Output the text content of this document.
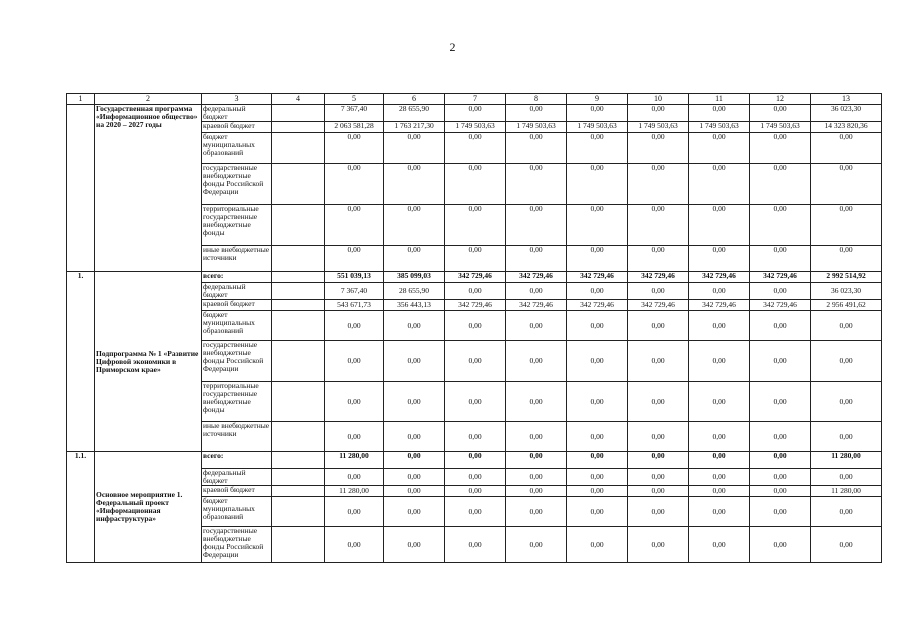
2
1	2	3	4	5	6	7	8	9	10	11	12	13
	Государственная программа «Информационное общество» на 2020 – 2027 годы	федеральный бюджет		7 367,40	28 655,90	0,00	0,00	0,00	0,00	0,00	0,00	36 023,30
		краевой бюджет		2 063 581,28	1 763 217,30	1 749 503,63	1 749 503,63	1 749 503,63	1 749 503,63	1 749 503,63	1 749 503,63	14 323 820,36
		бюджет муниципальных образований		0,00	0,00	0,00	0,00	0,00	0,00	0,00	0,00	0,00
		государственные внебюджетные фонды Российской Федерации		0,00	0,00	0,00	0,00	0,00	0,00	0,00	0,00	0,00
		территориальные государственные внебюджетные фонды		0,00	0,00	0,00	0,00	0,00	0,00	0,00	0,00	0,00
		иные внебюджетные источники		0,00	0,00	0,00	0,00	0,00	0,00	0,00	0,00	0,00
1.	Подпрограмма № 1 «Развитие Цифровой экономики в Приморском крае»	всего:		551 039,13	385 099,03	342 729,46	342 729,46	342 729,46	342 729,46	342 729,46	342 729,46	2 992 514,92
		федеральный бюджет		7 367,40	28 655,90	0,00	0,00	0,00	0,00	0,00	0,00	36 023,30
		краевой бюджет		543 671,73	356 443,13	342 729,46	342 729,46	342 729,46	342 729,46	342 729,46	342 729,46	2 956 491,62
		бюджет муниципальных образований		0,00	0,00	0,00	0,00	0,00	0,00	0,00	0,00	0,00
		государственные внебюджетные фонды Российской Федерации		0,00	0,00	0,00	0,00	0,00	0,00	0,00	0,00	0,00
		территориальные государственные внебюджетные фонды		0,00	0,00	0,00	0,00	0,00	0,00	0,00	0,00	0,00
		иные внебюджетные источники		0,00	0,00	0,00	0,00	0,00	0,00	0,00	0,00	0,00
1.1.	Основное мероприятие 1. Федеральный проект «Информационная инфраструктура»	всего:		11 280,00	0,00	0,00	0,00	0,00	0,00	0,00	0,00	11 280,00
		федеральный бюджет		0,00	0,00	0,00	0,00	0,00	0,00	0,00	0,00	0,00
		краевой бюджет		11 280,00	0,00	0,00	0,00	0,00	0,00	0,00	0,00	11 280,00
		бюджет муниципальных образований		0,00	0,00	0,00	0,00	0,00	0,00	0,00	0,00	0,00
		государственные внебюджетные фонды Российской Федерации		0,00	0,00	0,00	0,00	0,00	0,00	0,00	0,00	0,00
